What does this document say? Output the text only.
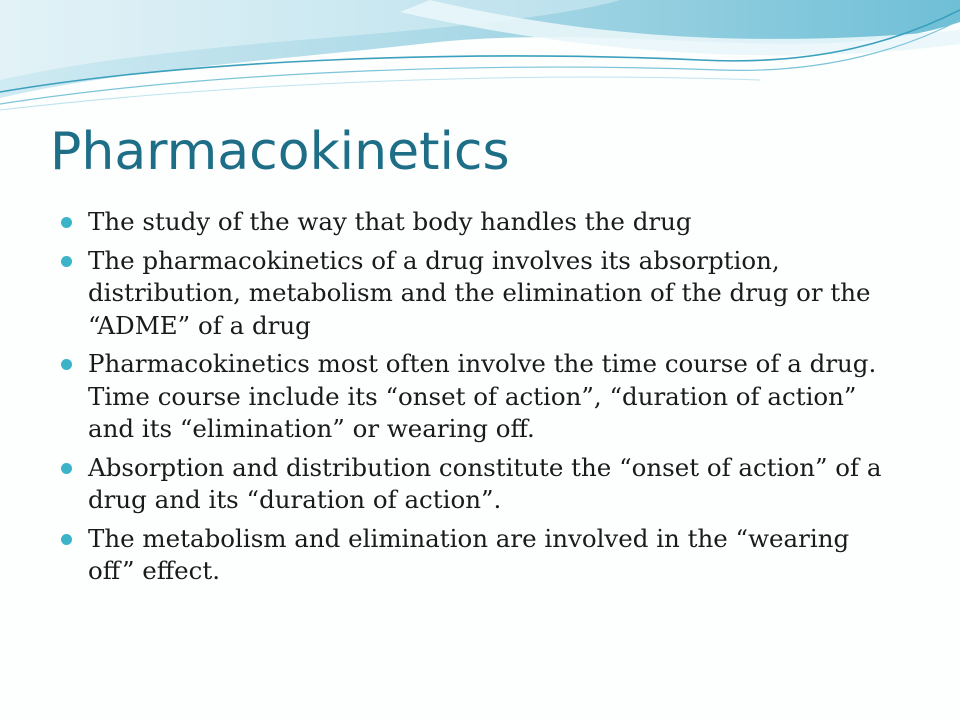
Pharmacokinetics
The study of the way that body handles the drug
The pharmacokinetics of a drug involves its absorption, distribution, metabolism and the elimination of the drug or the “ADME” of a drug
Pharmacokinetics most often involve the time course of a drug. Time course include its “onset of action”, “duration of action” and its “elimination” or wearing off.
Absorption and distribution constitute the “onset of action” of a drug and its “duration of action”.
The metabolism and elimination are involved in the “wearing off” effect.
